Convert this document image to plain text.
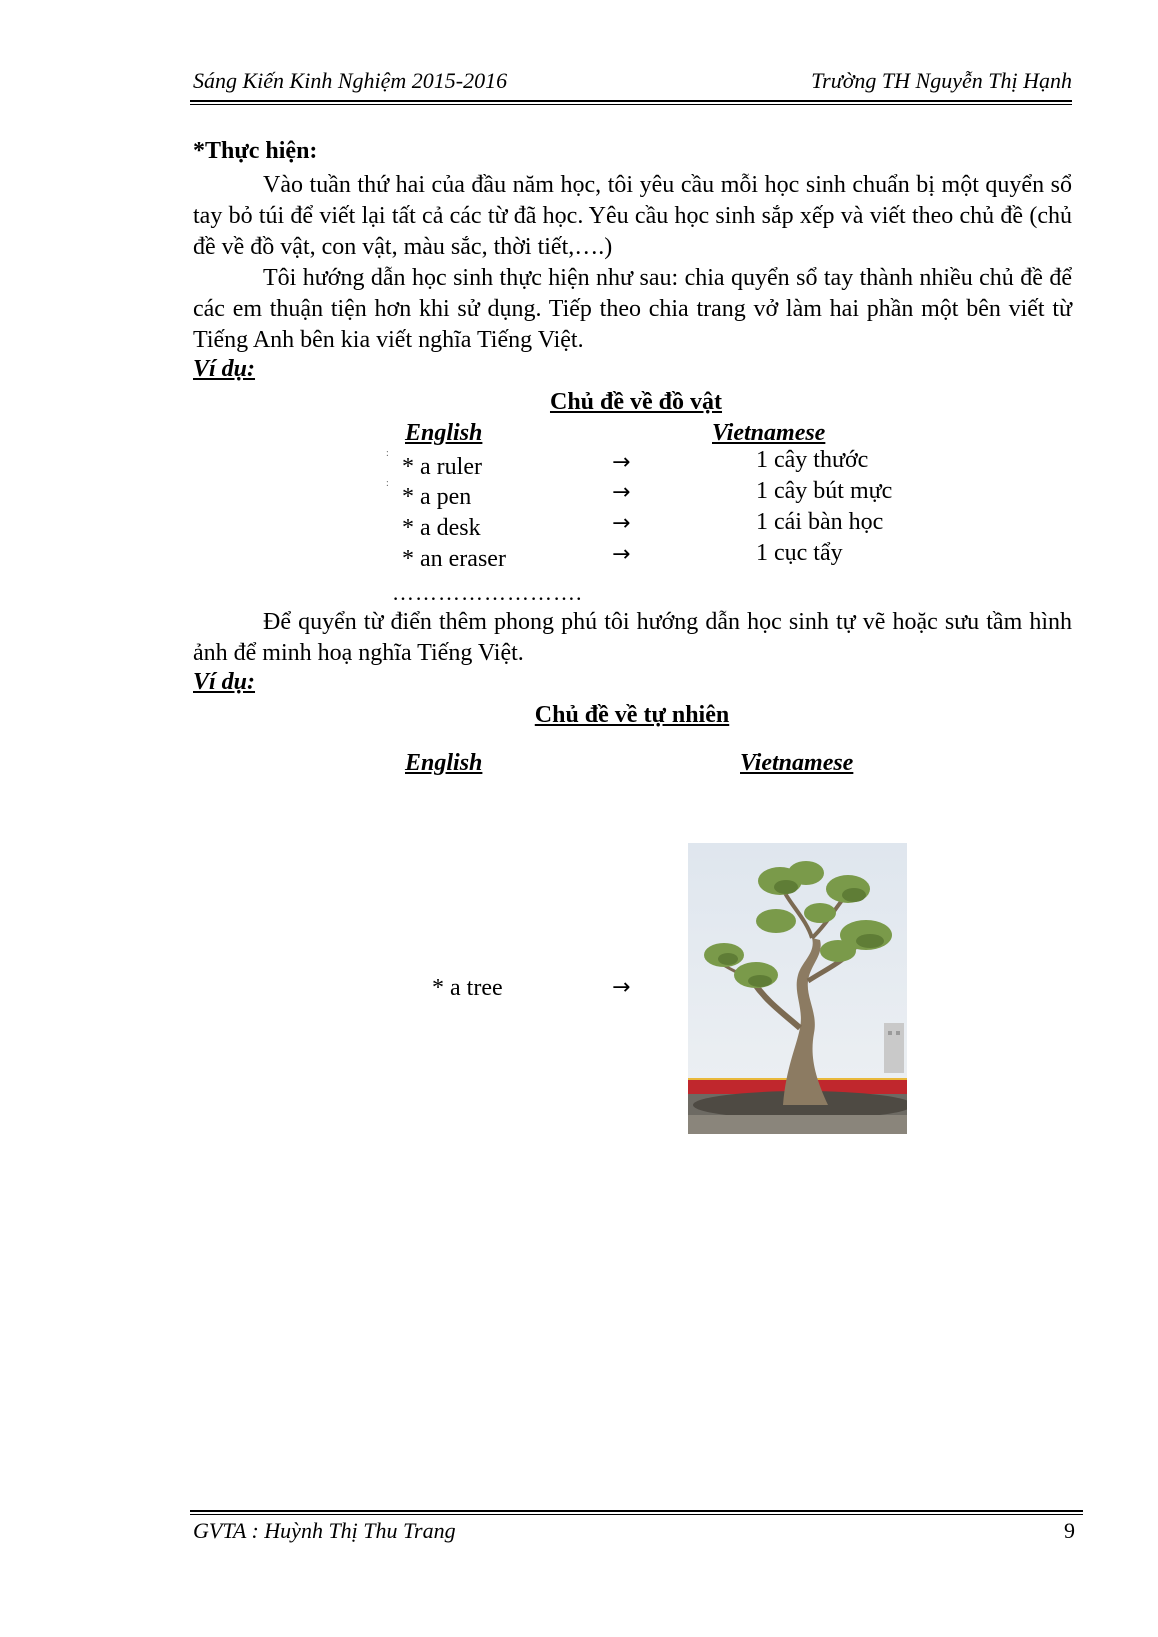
Sáng Kiến Kinh Nghiệm 2015-2016	Trường TH Nguyễn Thị Hạnh
*Thực hiện:

Vào tuần thứ hai của đầu năm học, tôi yêu cầu mỗi học sinh chuẩn bị một quyển sổ tay bỏ túi để viết lại tất cả các từ đã học. Yêu cầu học sinh sắp xếp và viết theo chủ đề (chủ đề về đồ vật, con vật, màu sắc, thời tiết,….)

Tôi hướng dẫn học sinh thực hiện như sau: chia quyển sổ tay thành nhiều chủ đề để các em thuận tiện hơn khi sử dụng. Tiếp theo chia trang vở làm hai phần một bên viết từ Tiếng Anh bên kia viết nghĩa Tiếng Việt.

Ví dụ:
Chủ đề về đồ vật
English	Vietnamese
:
:
* a ruler	→	1 cây thước
* a pen	→	1 cây bút mực
* a desk	→	1 cái bàn học
* an eraser	→	1 cục tẩy
…………………….

Để quyển từ điển thêm phong phú tôi hướng dẫn học sinh tự vẽ hoặc sưu tầm hình ảnh để minh hoạ nghĩa Tiếng Việt.

Ví dụ:
Chủ đề về tự nhiên
English	Vietnamese
* a tree	→
GVTA : Huỳnh Thị Thu Trang	9
